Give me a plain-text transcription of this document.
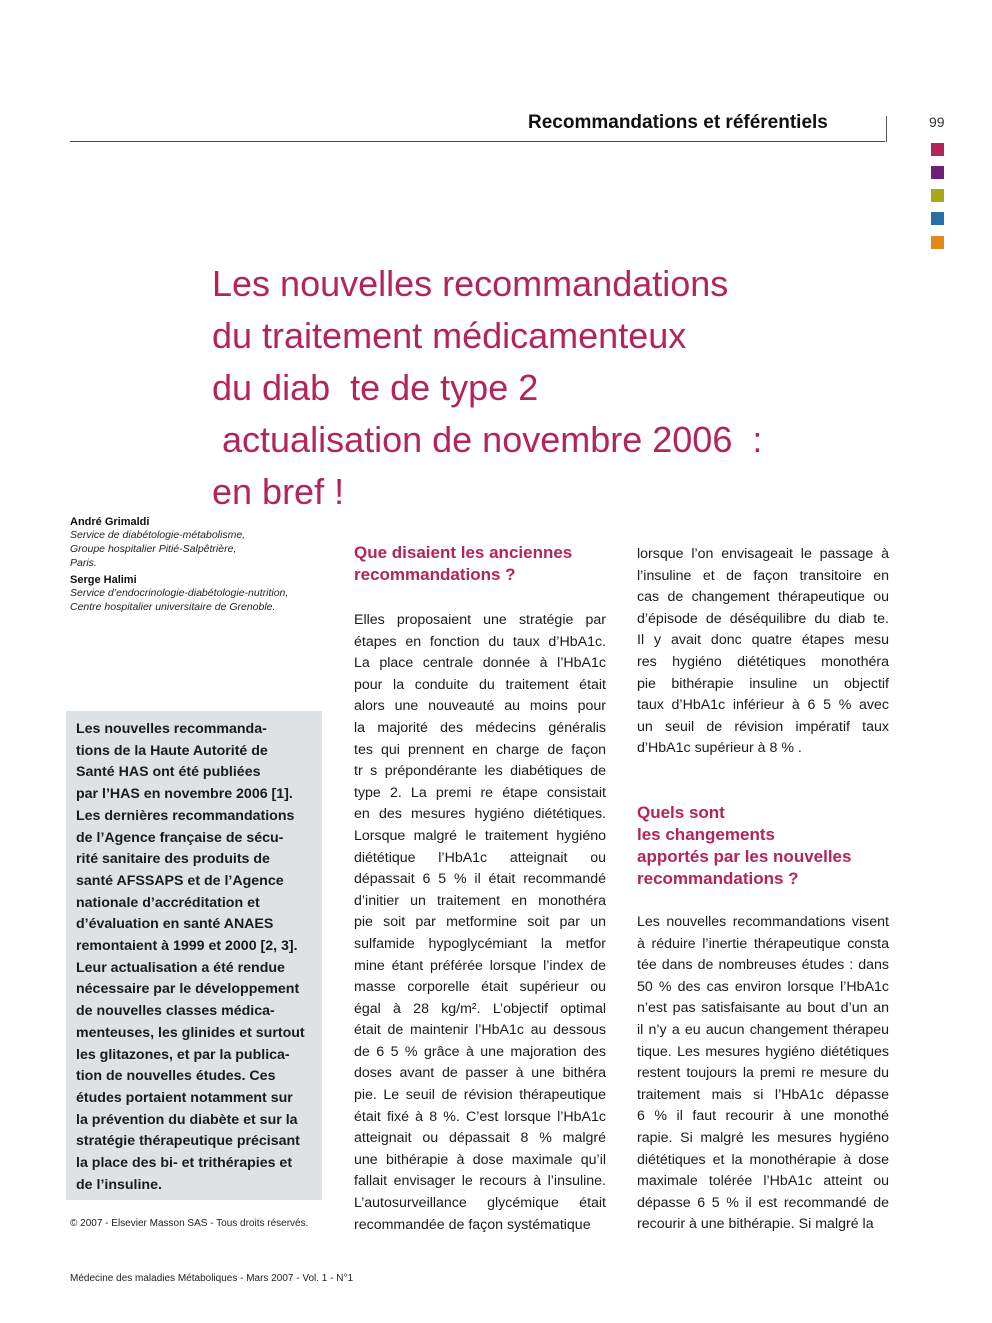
Recommandations et référentiels	99
Les nouvelles recommandations
du traitement médicamenteux
du diab  te de type 2
actualisation de novembre 2006  :
en bref !
André Grimaldi
Service de diabétologie-métabolisme,
Groupe hospitalier Pitié-Salpêtrière,
Paris.
Serge Halimi
Service d’endocrinologie-diabétologie-nutrition,
Centre hospitalier universitaire de Grenoble.
Les nouvelles recommanda-
tions de la Haute Autorité de
Santé HAS ont été publiées
par l’HAS en novembre 2006 [1].
Les dernières recommandations
de l’Agence française de sécu-
rité sanitaire des produits de
santé AFSSAPS et de l’Agence
nationale d’accréditation et
d’évaluation en santé ANAES
remontaient à 1999 et 2000 [2, 3].
Leur actualisation a été rendue
nécessaire par le développement
de nouvelles classes médica-
menteuses, les glinides et surtout
les glitazones, et par la publica-
tion de nouvelles études. Ces
études portaient notamment sur
la prévention du diabète et sur la
stratégie thérapeutique précisant
la place des bi- et trithérapies et
de l’insuline.
© 2007 - Elsevier Masson SAS - Tous droits réservés.
Médecine des maladies Métaboliques - Mars 2007 - Vol. 1 - N°1
Que disaient les anciennes
recommandations ?
Elles proposaient une stratégie par
étapes en fonction du taux d’HbA1c.
La place centrale donnée à l’HbA1c
pour la conduite du traitement était
alors une nouveauté au moins pour
la majorité des médecins généralis
tes qui prennent en charge de façon
tr s prépondérante les diabétiques de
type 2. La premi re étape consistait
en des mesures hygiéno diététiques.
Lorsque malgré le traitement hygiéno
diététique l’HbA1c atteignait ou
dépassait 6 5 % il était recommandé
d’initier un traitement en monothéra
pie soit par metformine soit par un
sulfamide hypoglycémiant la metfor
mine étant préférée lorsque l’index de
masse corporelle était supérieur ou
égal à 28 kg/m². L’objectif optimal
était de maintenir l’HbA1c au dessous
de 6 5 % grâce à une majoration des
doses avant de passer à une bithéra
pie. Le seuil de révision thérapeutique
était fixé à 8 %. C’est lorsque l’HbA1c
atteignait ou dépassait 8 % malgré
une bithérapie à dose maximale qu’il
fallait envisager le recours à l’insuline.
L’autosurveillance glycémique était
recommandée de façon systématique
lorsque l’on envisageait le passage à
l’insuline et de façon transitoire en
cas de changement thérapeutique ou
d’épisode de déséquilibre du diab te.
Il y avait donc quatre étapes mesu
res hygiéno diététiques monothéra
pie bithérapie insuline un objectif
taux d’HbA1c inférieur à 6 5 % avec
un seuil de révision impératif taux
d’HbA1c supérieur à 8 % .
Quels sont
les changements
apportés par les nouvelles
recommandations ?
Les nouvelles recommandations visent
à réduire l’inertie thérapeutique consta
tée dans de nombreuses études : dans
50 % des cas environ lorsque l’HbA1c
n’est pas satisfaisante au bout d’un an
il n’y a eu aucun changement thérapeu
tique. Les mesures hygiéno diététiques
restent toujours la premi re mesure du
traitement mais si l’HbA1c dépasse
6 % il faut recourir à une monothé
rapie. Si malgré les mesures hygiéno
diététiques et la monothérapie à dose
maximale tolérée l’HbA1c atteint ou
dépasse 6 5 % il est recommandé de
recourir à une bithérapie. Si malgré la
